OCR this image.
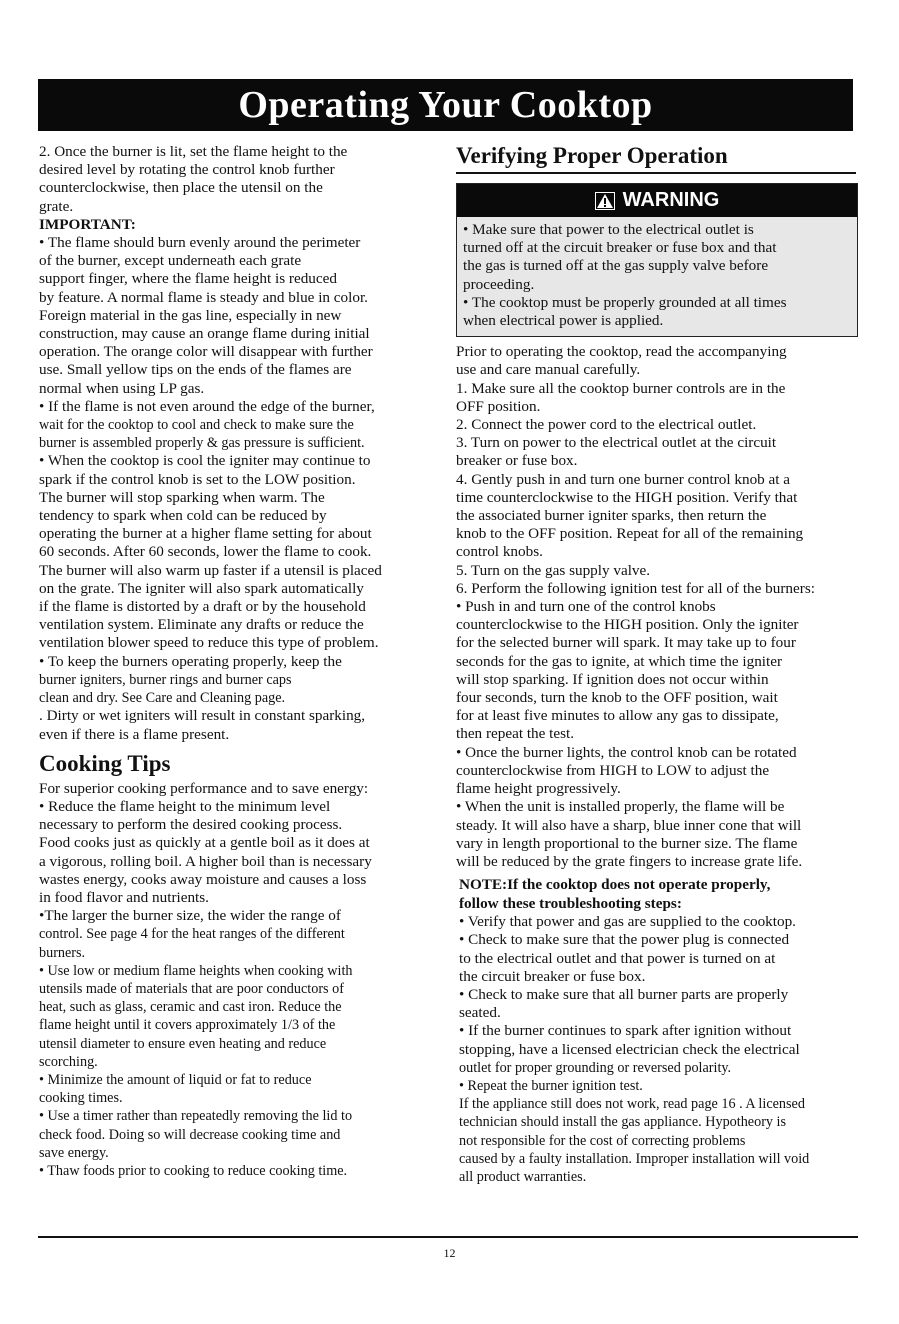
Operating Your Cooktop

2. Once the burner is lit, set the flame height to the

desired level by rotating the control knob further

counterclockwise, then place the utensil on the

grate.

IMPORTANT:

• The flame should burn evenly around the perimeter

of the burner, except underneath each grate

support finger, where the flame height is reduced

by feature. A normal flame is steady and blue in color.

Foreign material in the gas line, especially in new

construction, may cause an orange flame during initial

operation. The orange color will disappear with further

use. Small yellow tips on the ends of the flames are

normal when using LP gas.

• If the flame is not even around the edge of the burner,

wait for the cooktop to cool and check to make sure the

burner is assembled properly & gas pressure is sufficient.

• When the cooktop is cool the igniter may continue to

spark if the control knob is set to the LOW position.

The burner will stop sparking when warm. The

tendency to spark when cold can be reduced by

operating the burner at a higher flame setting for about

60 seconds. After 60 seconds, lower the flame to cook.

The burner will also warm up faster if a utensil is placed

on the grate. The igniter will also spark automatically

if the flame is distorted by a draft or by the household

ventilation system. Eliminate any drafts or reduce the

ventilation blower speed to reduce this type of problem.

• To keep the burners operating properly, keep the

burner igniters, burner rings and burner caps

clean and dry. See Care and Cleaning page.

. Dirty or wet igniters will result in constant sparking,

even if there is a flame present.

Cooking Tips

For superior cooking performance and to save energy:

• Reduce the flame height to the minimum level

necessary to perform the desired cooking process.

Food cooks just as quickly at a gentle boil as it does at

a vigorous, rolling boil. A higher boil than is necessary

wastes energy, cooks away moisture and causes a loss

in food flavor and nutrients.

•The larger the burner size, the wider the range of

control. See page 4 for the heat ranges of the different

burners.

• Use low or medium flame heights when cooking with

utensils made of materials that are poor conductors of

heat, such as glass, ceramic and cast iron. Reduce the

flame height until it covers approximately 1/3 of the

utensil diameter to ensure even heating and reduce

scorching.

• Minimize the amount of liquid or fat to reduce

cooking times.

• Use a timer rather than repeatedly removing the lid to

check food. Doing so will decrease cooking time and

save energy.

• Thaw foods prior to cooking to reduce cooking time.

Verifying Proper Operation
WARNING

• Make sure that power to the electrical outlet is

turned off at the circuit breaker or fuse box and that

the gas is turned off at the gas supply valve before

proceeding.

• The cooktop must be properly grounded at all times

when electrical power is applied.

Prior to operating the cooktop, read the accompanying

use and care manual carefully.

1. Make sure all the cooktop burner controls are in the

OFF position.

2. Connect the power cord to the electrical outlet.

3. Turn on power to the electrical outlet at the circuit

breaker or fuse box.

4. Gently push in and turn one burner control knob at a

time counterclockwise to the HIGH position. Verify that

the associated burner igniter sparks, then return the

knob to the OFF position. Repeat for all of the remaining

control knobs.

5. Turn on the gas supply valve.

6. Perform the following ignition test for all of the burners:

• Push in and turn one of the control knobs

counterclockwise to the HIGH position. Only the igniter

for the selected burner will spark. It may take up to four

seconds for the gas to ignite, at which time the igniter

will stop sparking. If ignition does not occur within

four seconds, turn the knob to the OFF position, wait

for at least five minutes to allow any gas to dissipate,

then repeat the test.

• Once the burner lights, the control knob can be rotated

counterclockwise from HIGH to LOW to adjust the

flame height progressively.

• When the unit is installed properly, the flame will be

steady. It will also have a sharp, blue inner cone that will

vary in length proportional to the burner size. The flame

will be reduced by the grate fingers to increase grate life.

NOTE:If the cooktop does not operate properly,
follow these troubleshooting steps:

• Verify that power and gas are supplied to the cooktop.

• Check to make sure that the power plug is connected

to the electrical outlet and that power is turned on at

the circuit breaker or fuse box.

• Check to make sure that all burner parts are properly

seated.

• If the burner continues to spark after ignition without

stopping, have a licensed electrician check the electrical

outlet for proper grounding or reversed polarity.

• Repeat the burner ignition test.

If the appliance still does not work, read page 16 . A licensed

technician should install the gas appliance. Hypotheory is

not responsible for the cost of correcting problems

caused by a faulty installation. Improper installation will void

all product warranties.

12
